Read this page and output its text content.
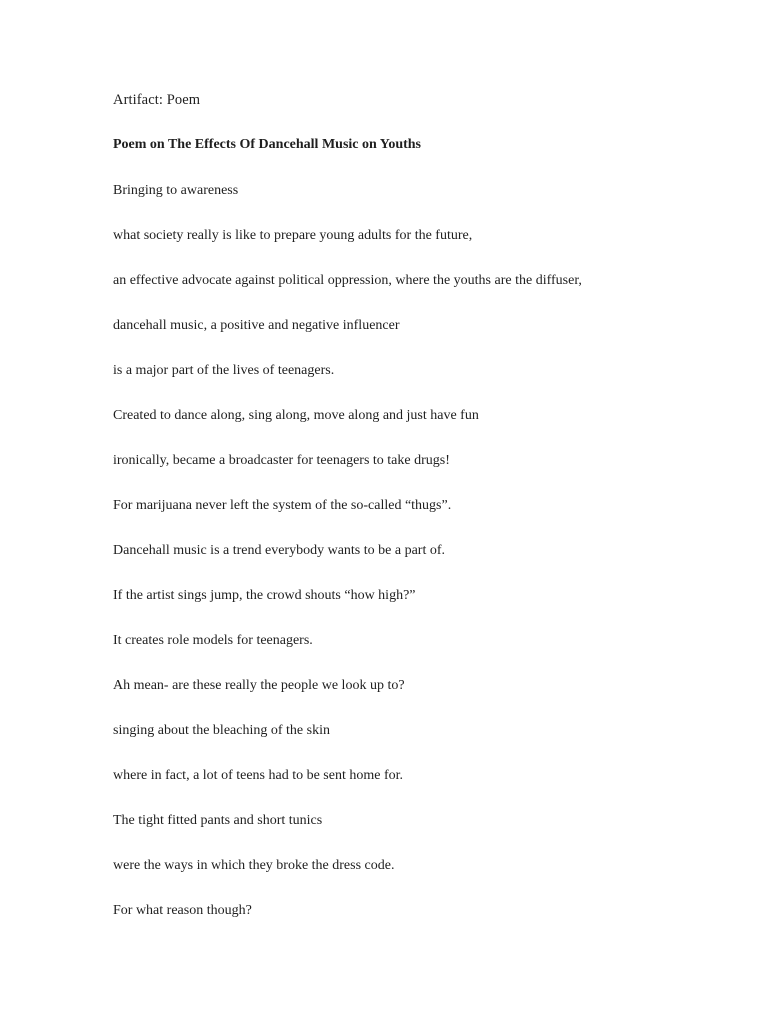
Artifact: Poem
Poem on The Effects Of Dancehall Music on Youths
Bringing to awareness
what society really is like to prepare young adults for the future,
an effective advocate against political oppression, where the youths are the diffuser,
dancehall music, a positive and negative influencer
is a major part of the lives of teenagers.
Created to dance along, sing along, move along and just have fun
ironically, became a broadcaster for teenagers to take drugs!
For marijuana never left the system of the so-called “thugs”.
Dancehall music is a trend everybody wants to be a part of.
If the artist sings jump, the crowd shouts “how high?”
It creates role models for teenagers.
Ah mean- are these really the people we look up to?
singing about the bleaching of the skin
where in fact, a lot of teens had to be sent home for.
The tight fitted pants and short tunics
were the ways in which they broke the dress code.
For what reason though?
